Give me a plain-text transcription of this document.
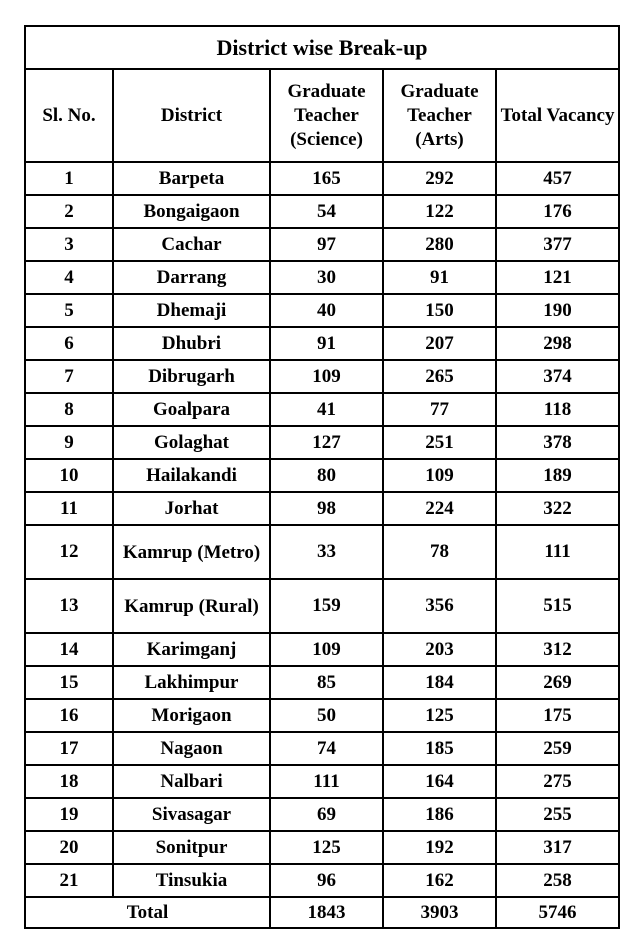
District wise Break-up				
Sl. No.	District	Graduate Teacher (Science)	Graduate Teacher (Arts)	Total Vacancy
1	Barpeta	165	292	457
2	Bongaigaon	54	122	176
3	Cachar	97	280	377
4	Darrang	30	91	121
5	Dhemaji	40	150	190
6	Dhubri	91	207	298
7	Dibrugarh	109	265	374
8	Goalpara	41	77	118
9	Golaghat	127	251	378
10	Hailakandi	80	109	189
11	Jorhat	98	224	322
12	Kamrup (Metro)	33	78	111
13	Kamrup (Rural)	159	356	515
14	Karimganj	109	203	312
15	Lakhimpur	85	184	269
16	Morigaon	50	125	175
17	Nagaon	74	185	259
18	Nalbari	111	164	275
19	Sivasagar	69	186	255
20	Sonitpur	125	192	317
21	Tinsukia	96	162	258
Total		1843	3903	5746
